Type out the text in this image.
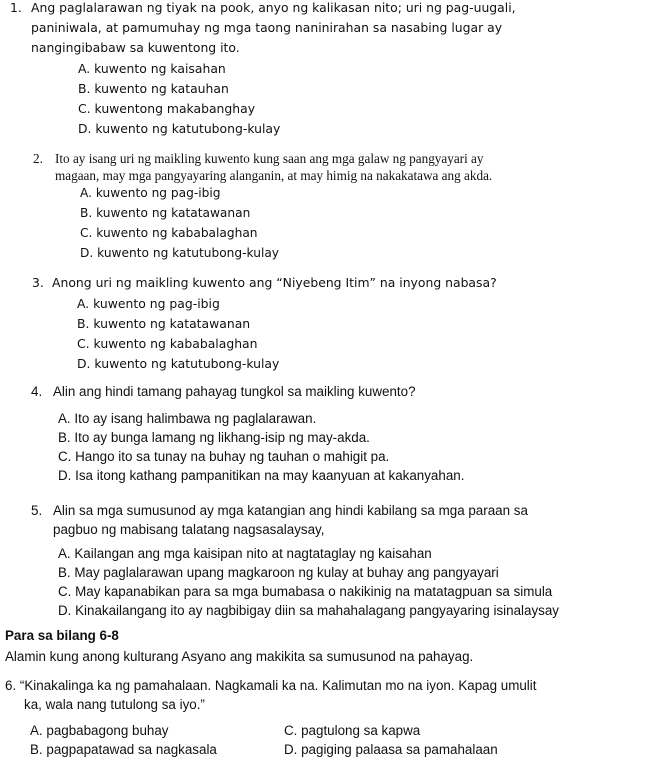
1. Ang paglalarawan ng tiyak na pook, anyo ng kalikasan nito; uri ng pag-uugali,
paniniwala, at pamumuhay ng mga taong naninirahan sa nasabing lugar ay
nangingibabaw sa kuwentong ito.
A. kuwento ng kaisahan
B. kuwento ng katauhan
C. kuwentong makabanghay
D. kuwento ng katutubong-kulay
2. Ito ay isang uri ng maikling kuwento kung saan ang mga galaw ng pangyayari ay
magaan, may mga pangyayaring alanganin, at may himig na nakakatawa ang akda.
A. kuwento ng pag-ibig
B. kuwento ng katatawanan
C. kuwento ng kababalaghan
D. kuwento ng katutubong-kulay
3. Anong uri ng maikling kuwento ang “Niyebeng Itim” na inyong nabasa?
A. kuwento ng pag-ibig
B. kuwento ng katatawanan
C. kuwento ng kababalaghan
D. kuwento ng katutubong-kulay
4. Alin ang hindi tamang pahayag tungkol sa maikling kuwento?
A. Ito ay isang halimbawa ng paglalarawan.
B. Ito ay bunga lamang ng likhang-isip ng may-akda.
C. Hango ito sa tunay na buhay ng tauhan o mahigit pa.
D. Isa itong kathang pampanitikan na may kaanyuan at kakanyahan.
5. Alin sa mga sumusunod ay mga katangian ang hindi kabilang sa mga paraan sa
pagbuo ng mabisang talatang nagsasalaysay,
A. Kailangan ang mga kaisipan nito at nagtataglay ng kaisahan
B. May paglalarawan upang magkaroon ng kulay at buhay ang pangyayari
C. May kapanabikan para sa mga bumabasa o nakikinig na matatagpuan sa simula
D. Kinakailangang ito ay nagbibigay diin sa mahahalagang pangyayaring isinalaysay
Para sa bilang 6-8
Alamin kung anong kulturang Asyano ang makikita sa sumusunod na pahayag.
6. “Kinakalinga ka ng pamahalaan. Nagkamali ka na. Kalimutan mo na iyon. Kapag umulit
ka, wala nang tutulong sa iyo.”
A. pagbabagong buhay
B. pagpapatawad sa nagkasala
C. pagtulong sa kapwa
D. pagiging palaasa sa pamahalaan
